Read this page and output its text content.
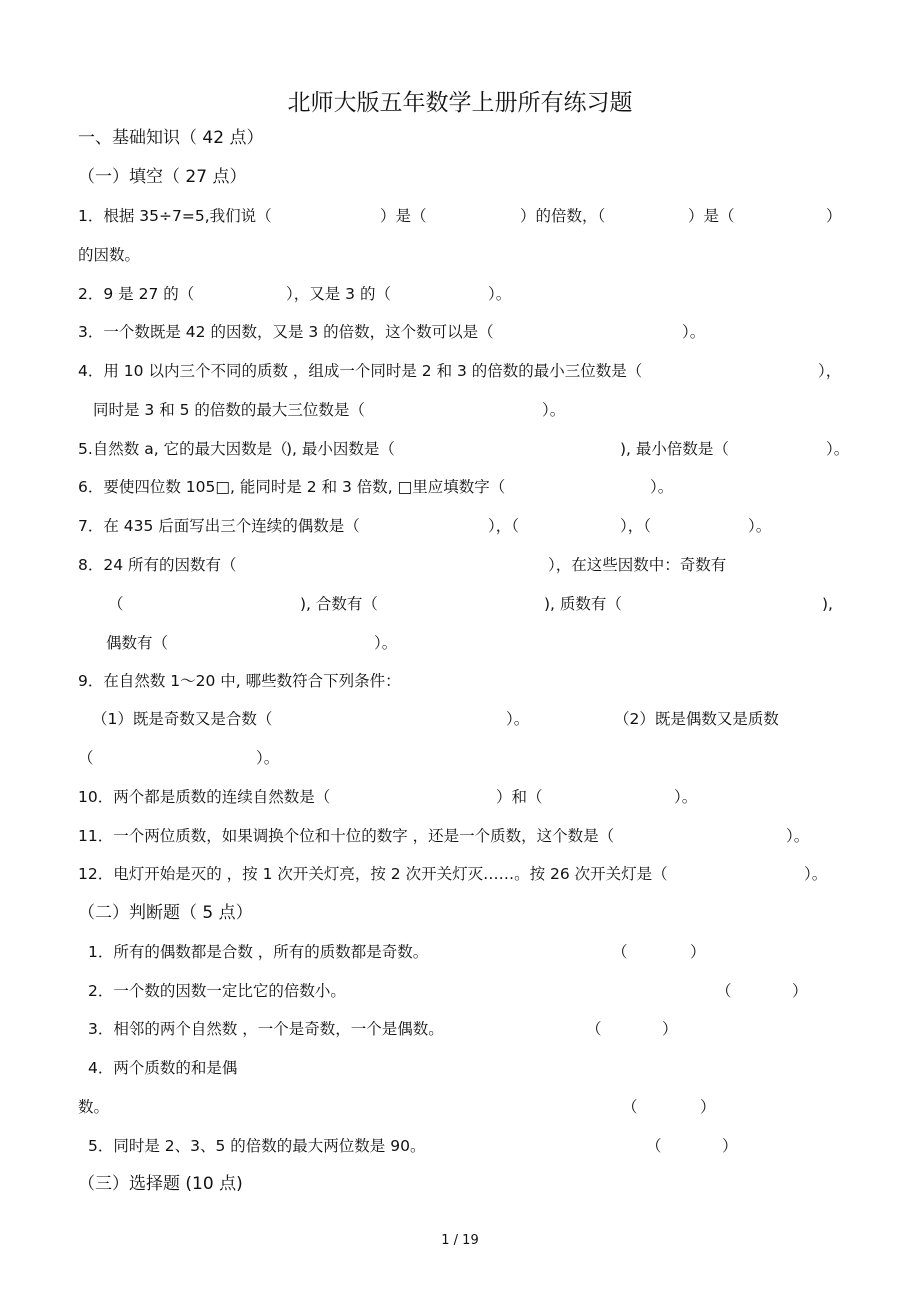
北师大版五年数学上册所有练习题
一、基础知识（ 42 点）
（一）填空（ 27 点）
1．根据 35÷7=5,我们说（	）是（	）的倍数，（	）是（	）
的因数。
2．9 是 27 的（	），又是 3 的（	）。
3．一个数既是 42 的因数，又是 3 的倍数，这个数可以是（	）。
4．用 10 以内三个不同的质数 ，组成一个同时是 2 和 3 的倍数的最小三位数是（	），
同时是 3 和 5 的倍数的最大三位数是（	）。
5.自然数 a, 它的最大因数是（
), 最小因数是（	), 最小倍数是（	）。
6．要使四位数 105□, 能同时是 2 和 3 倍数, □里应填数字（	）。
7．在 435 后面写出三个连续的偶数是（	），（	），（	）。
8．24 所有的因数有（	），在这些因数中：奇数有
（	), 合数有（	), 质数有（	),
偶数有（	）。
9．在自然数 1～20 中, 哪些数符合下列条件：
（1）既是奇数又是合数（	）。	（2）既是偶数又是质数
（	）。
10．两个都是质数的连续自然数是（	）和（	）。
11．一个两位质数，如果调换个位和十位的数字 ，还是一个质数，这个数是（	）。
12．电灯开始是灭的 ，按 1 次开关灯亮，按 2 次开关灯灭……。按 26 次开关灯是（	）。
（二）判断题（ 5 点）
1．所有的偶数都是合数 ，所有的质数都是奇数。	（	）
2．一个数的因数一定比它的倍数小。	（	）
3．相邻的两个自然数 ，一个是奇数，一个是偶数。	（	）
4．两个质数的和是偶
数。	（	）
5．同时是 2、3、5 的倍数的最大两位数是 90。	（	）
（三）选择题 (10 点)
1 / 19
